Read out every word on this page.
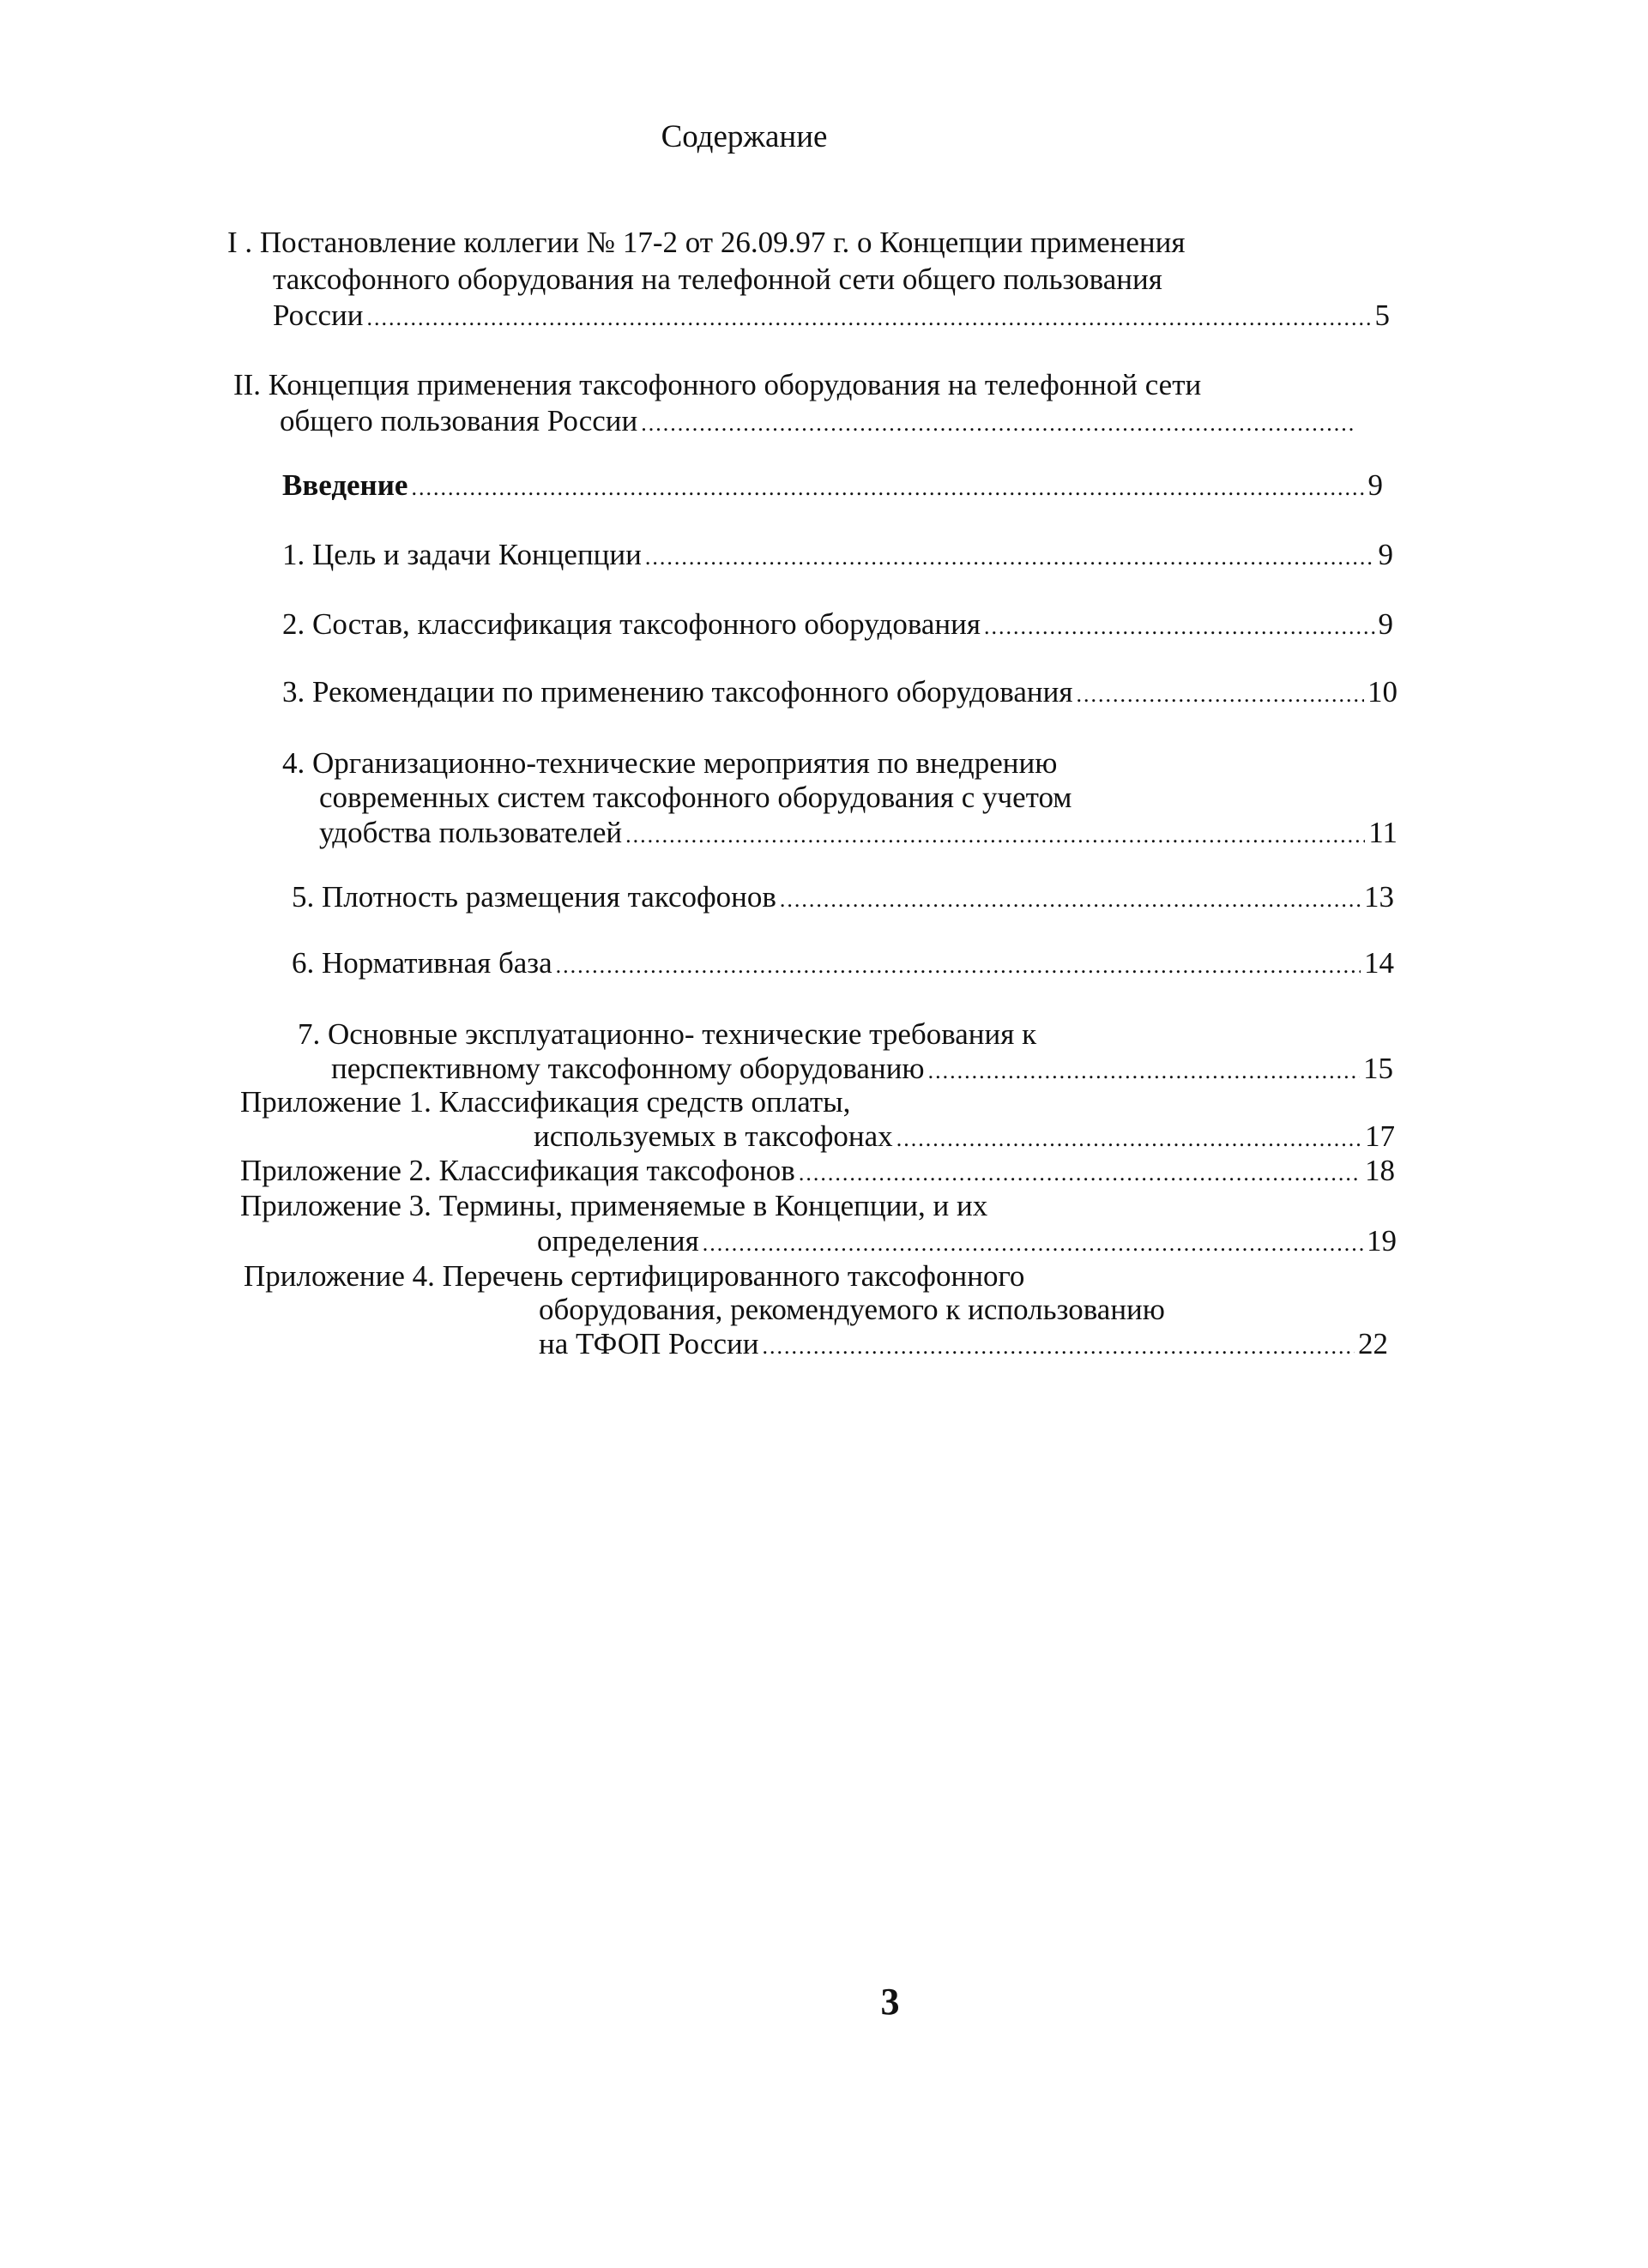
Содержание
I . Постановление коллегии № 17-2 от 26.09.97 г. о Концепции применения
таксофонного оборудования на телефонной сети общего пользования
России .....	5
II. Концепция применения таксофонного оборудования на телефонной сети
общего пользования России
.....
Введение .....	9
1. Цель и задачи Концепции .....	9
2. Состав, классификация таксофонного оборудования .....	9
3. Рекомендации по применению таксофонного оборудования .....	10
4. Организационно-технические мероприятия по внедрению
современных систем таксофонного оборудования с учетом
удобства пользователей .....	11
5. Плотность размещения таксофонов .....	13
6. Нормативная база .....	14
7. Основные эксплуатационно- технические требования к
перспективному таксофонному оборудованию .....	15
Приложение 1. Классификация средств оплаты,
используемых в таксофонах .....	17
Приложение 2. Классификация таксофонов .....	18
Приложение 3. Термины, применяемые в Концепции, и их
определения .....	19
Приложение 4. Перечень сертифицированного таксофонного
оборудования, рекомендуемого к использованию
на ТФОП России .....	22
3
